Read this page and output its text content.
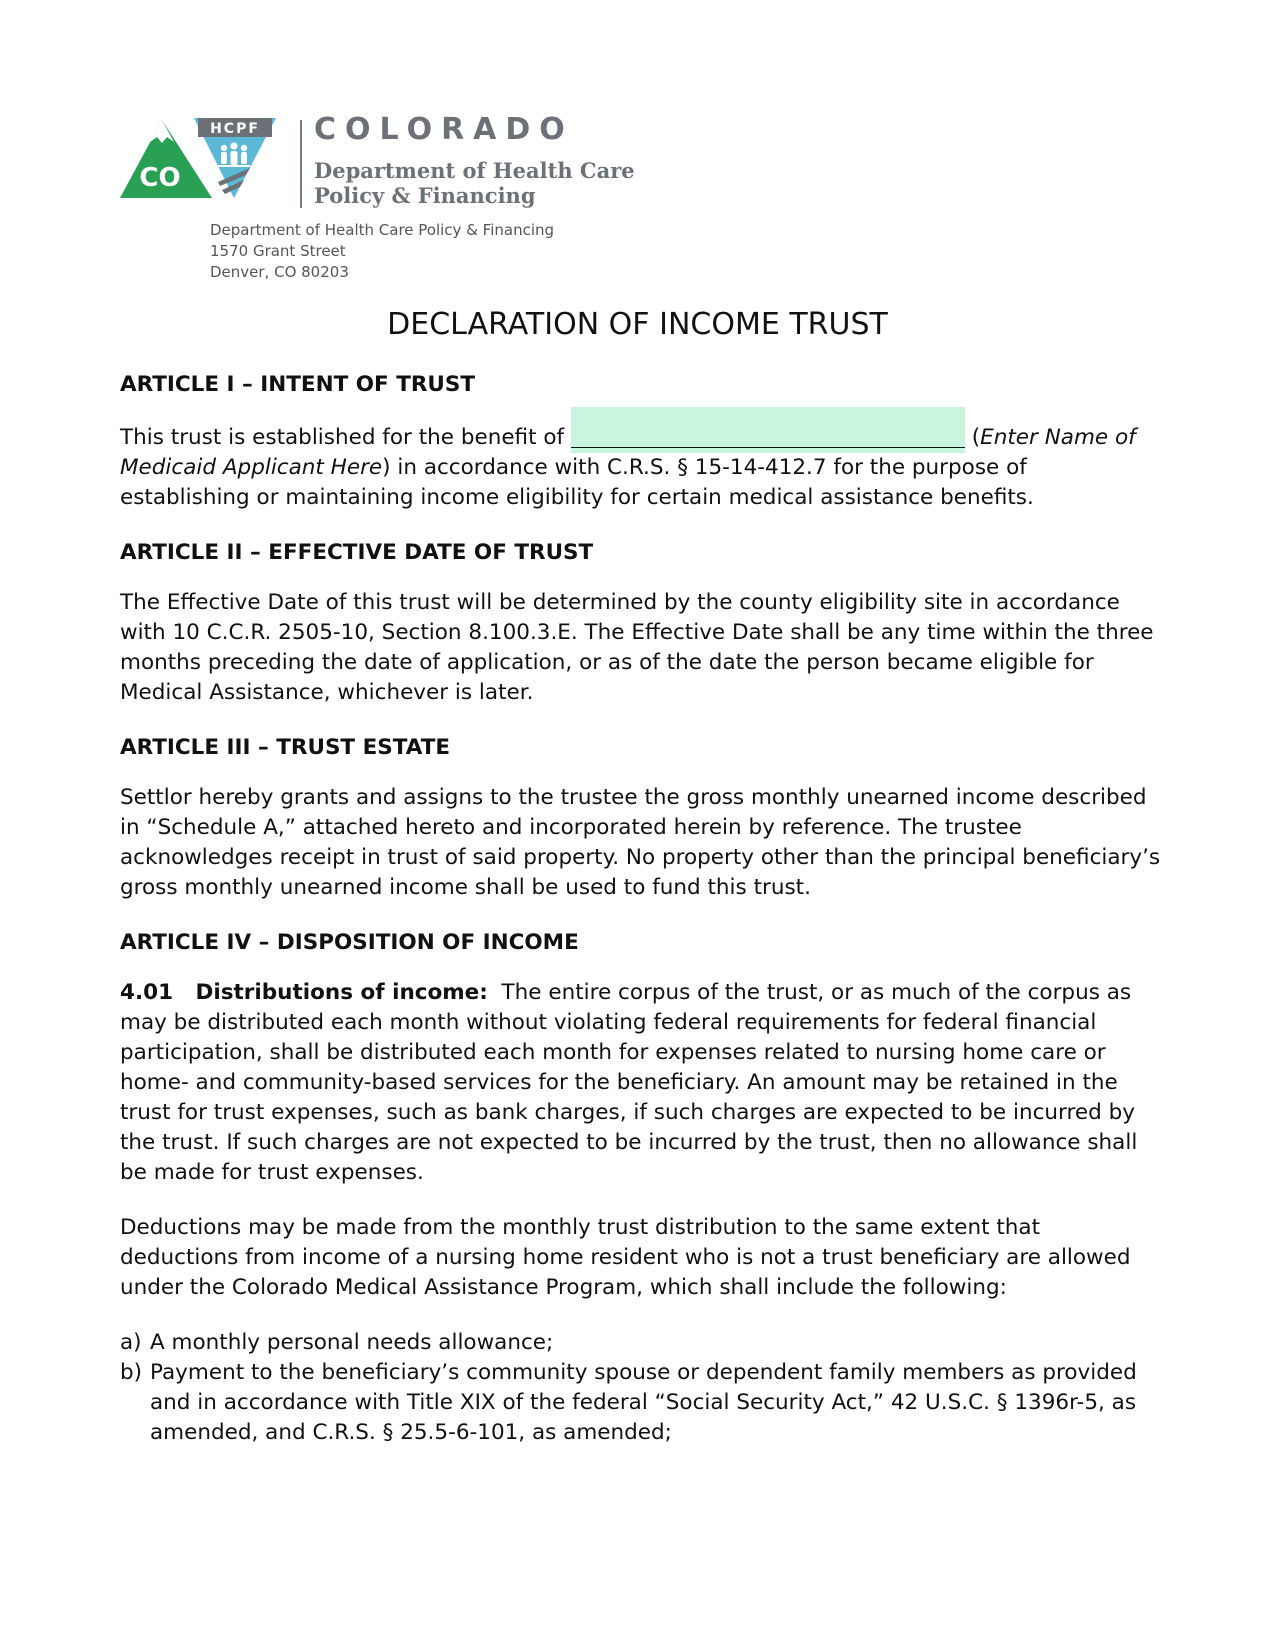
HCPF
CO
COLORADO
Department of Health Care
Policy & Financing
Department of Health Care Policy & Financing
1570 Grant Street
Denver, CO 80203
DECLARATION OF INCOME TRUST
ARTICLE I – INTENT OF TRUST

This trust is established for the benefit of	(Enter Name of Medicaid Applicant Here) in accordance with C.R.S. § 15-14-412.7 for the purpose of establishing or maintaining income eligibility for certain medical assistance benefits.

ARTICLE II – EFFECTIVE DATE OF TRUST

The Effective Date of this trust will be determined by the county eligibility site in accordance with 10 C.C.R. 2505-10, Section 8.100.3.E. The Effective Date shall be any time within the three months preceding the date of application, or as of the date the person became eligible for Medical Assistance, whichever is later.

ARTICLE III – TRUST ESTATE

Settlor hereby grants and assigns to the trustee the gross monthly unearned income described in “Schedule A,” attached hereto and incorporated herein by reference. The trustee acknowledges receipt in trust of said property. No property other than the principal beneficiary’s gross monthly unearned income shall be used to fund this trust.

ARTICLE IV – DISPOSITION OF INCOME

4.01 Distributions of income: The entire corpus of the trust, or as much of the corpus as may be distributed each month without violating federal requirements for federal financial participation, shall be distributed each month for expenses related to nursing home care or home- and community-based services for the beneficiary. An amount may be retained in the trust for trust expenses, such as bank charges, if such charges are expected to be incurred by the trust. If such charges are not expected to be incurred by the trust, then no allowance shall be made for trust expenses.

Deductions may be made from the monthly trust distribution to the same extent that deductions from income of a nursing home resident who is not a trust beneficiary are allowed under the Colorado Medical Assistance Program, which shall include the following:

a) A monthly personal needs allowance;
b) Payment to the beneficiary’s community spouse or dependent family members as provided and in accordance with Title XIX of the federal “Social Security Act,” 42 U.S.C. § 1396r-5, as amended, and C.R.S. § 25.5-6-101, as amended;
